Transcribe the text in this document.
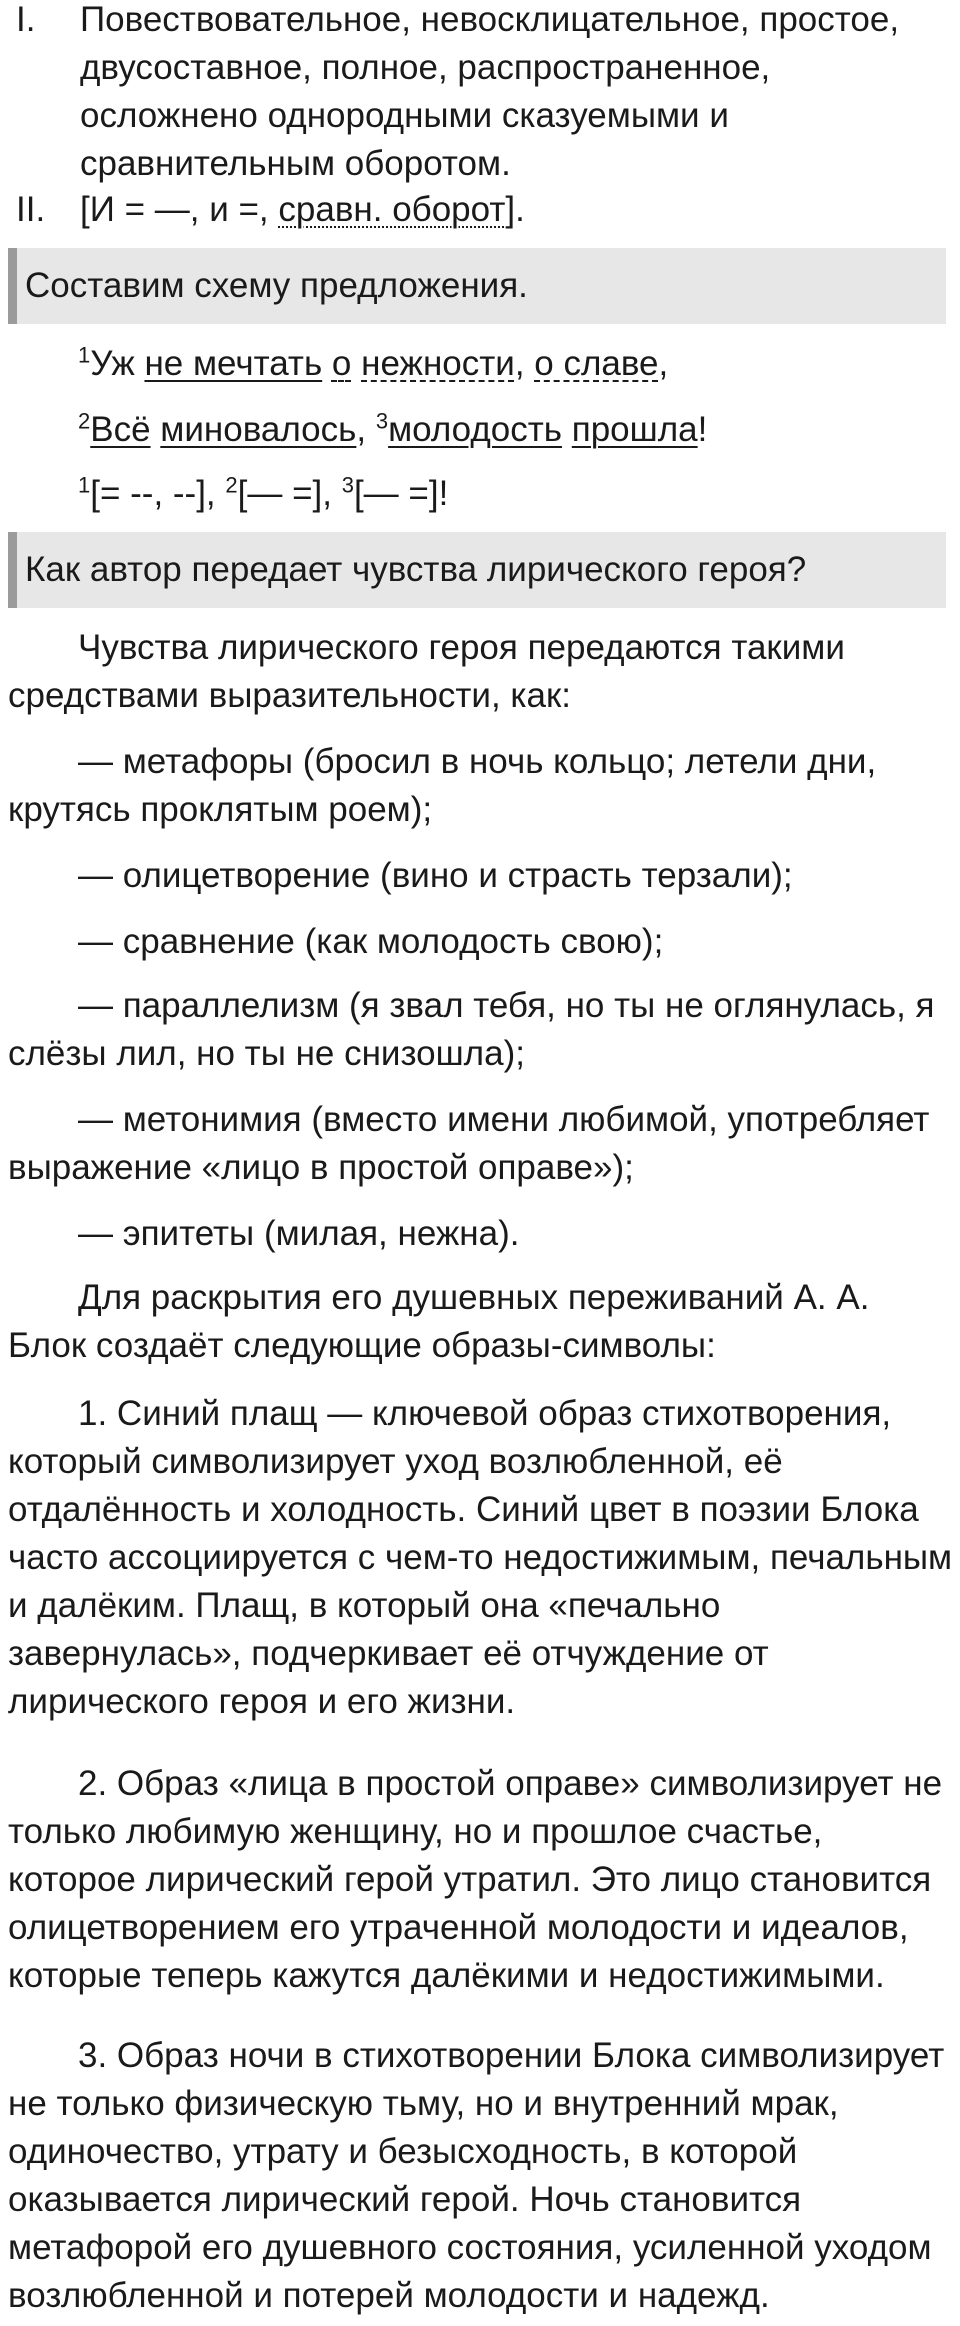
I.	Повествовательное, невосклицательное, простое, двусоставное, полное, распространенное, осложнено однородными сказуемыми и сравнительным оборотом.
II. [И = —, и =, сравн. оборот].
Составим схему предложения.
$^1$Уж не мечтать о нежности, о славе,
$^2$Всё миновалось, $^3$молодость прошла!
$^1$[= --, --], $^2$[— =], $^3$[— =]!
Как автор передает чувства лирического героя?
Чувства лирического героя передаются такими средствами выразительности, как:
— метафоры (бросил в ночь кольцо; летели дни, крутясь проклятым роем);
— олицетворение (вино и страсть терзали);
— сравнение (как молодость свою);
— параллелизм (я звал тебя, но ты не оглянулась, я слёзы лил, но ты не снизошла);
— метонимия (вместо имени любимой, употребляет выражение «лицо в простой оправе»);
— эпитеты (милая, нежна).
Для раскрытия его душевных переживаний А. А. Блок создаёт следующие образы-символы:
1. Синий плащ — ключевой образ стихотворения, который символизирует уход возлюбленной, её отдалённость и холодность. Синий цвет в поэзии Блока часто ассоциируется с чем-то недостижимым, печальным и далёким. Плащ, в который она «печально завернулась», подчеркивает её отчуждение от лирического героя и его жизни.
2. Образ «лица в простой оправе» символизирует не только любимую женщину, но и прошлое счастье, которое лирический герой утратил. Это лицо становится олицетворением его утраченной молодости и идеалов, которые теперь кажутся далёкими и недостижимыми.
3. Образ ночи в стихотворении Блока символизирует не только физическую тьму, но и внутренний мрак, одиночество, утрату и безысходность, в которой оказывается лирический герой. Ночь становится метафорой его душевного состояния, усиленной уходом возлюбленной и потерей молодости и надежд.
